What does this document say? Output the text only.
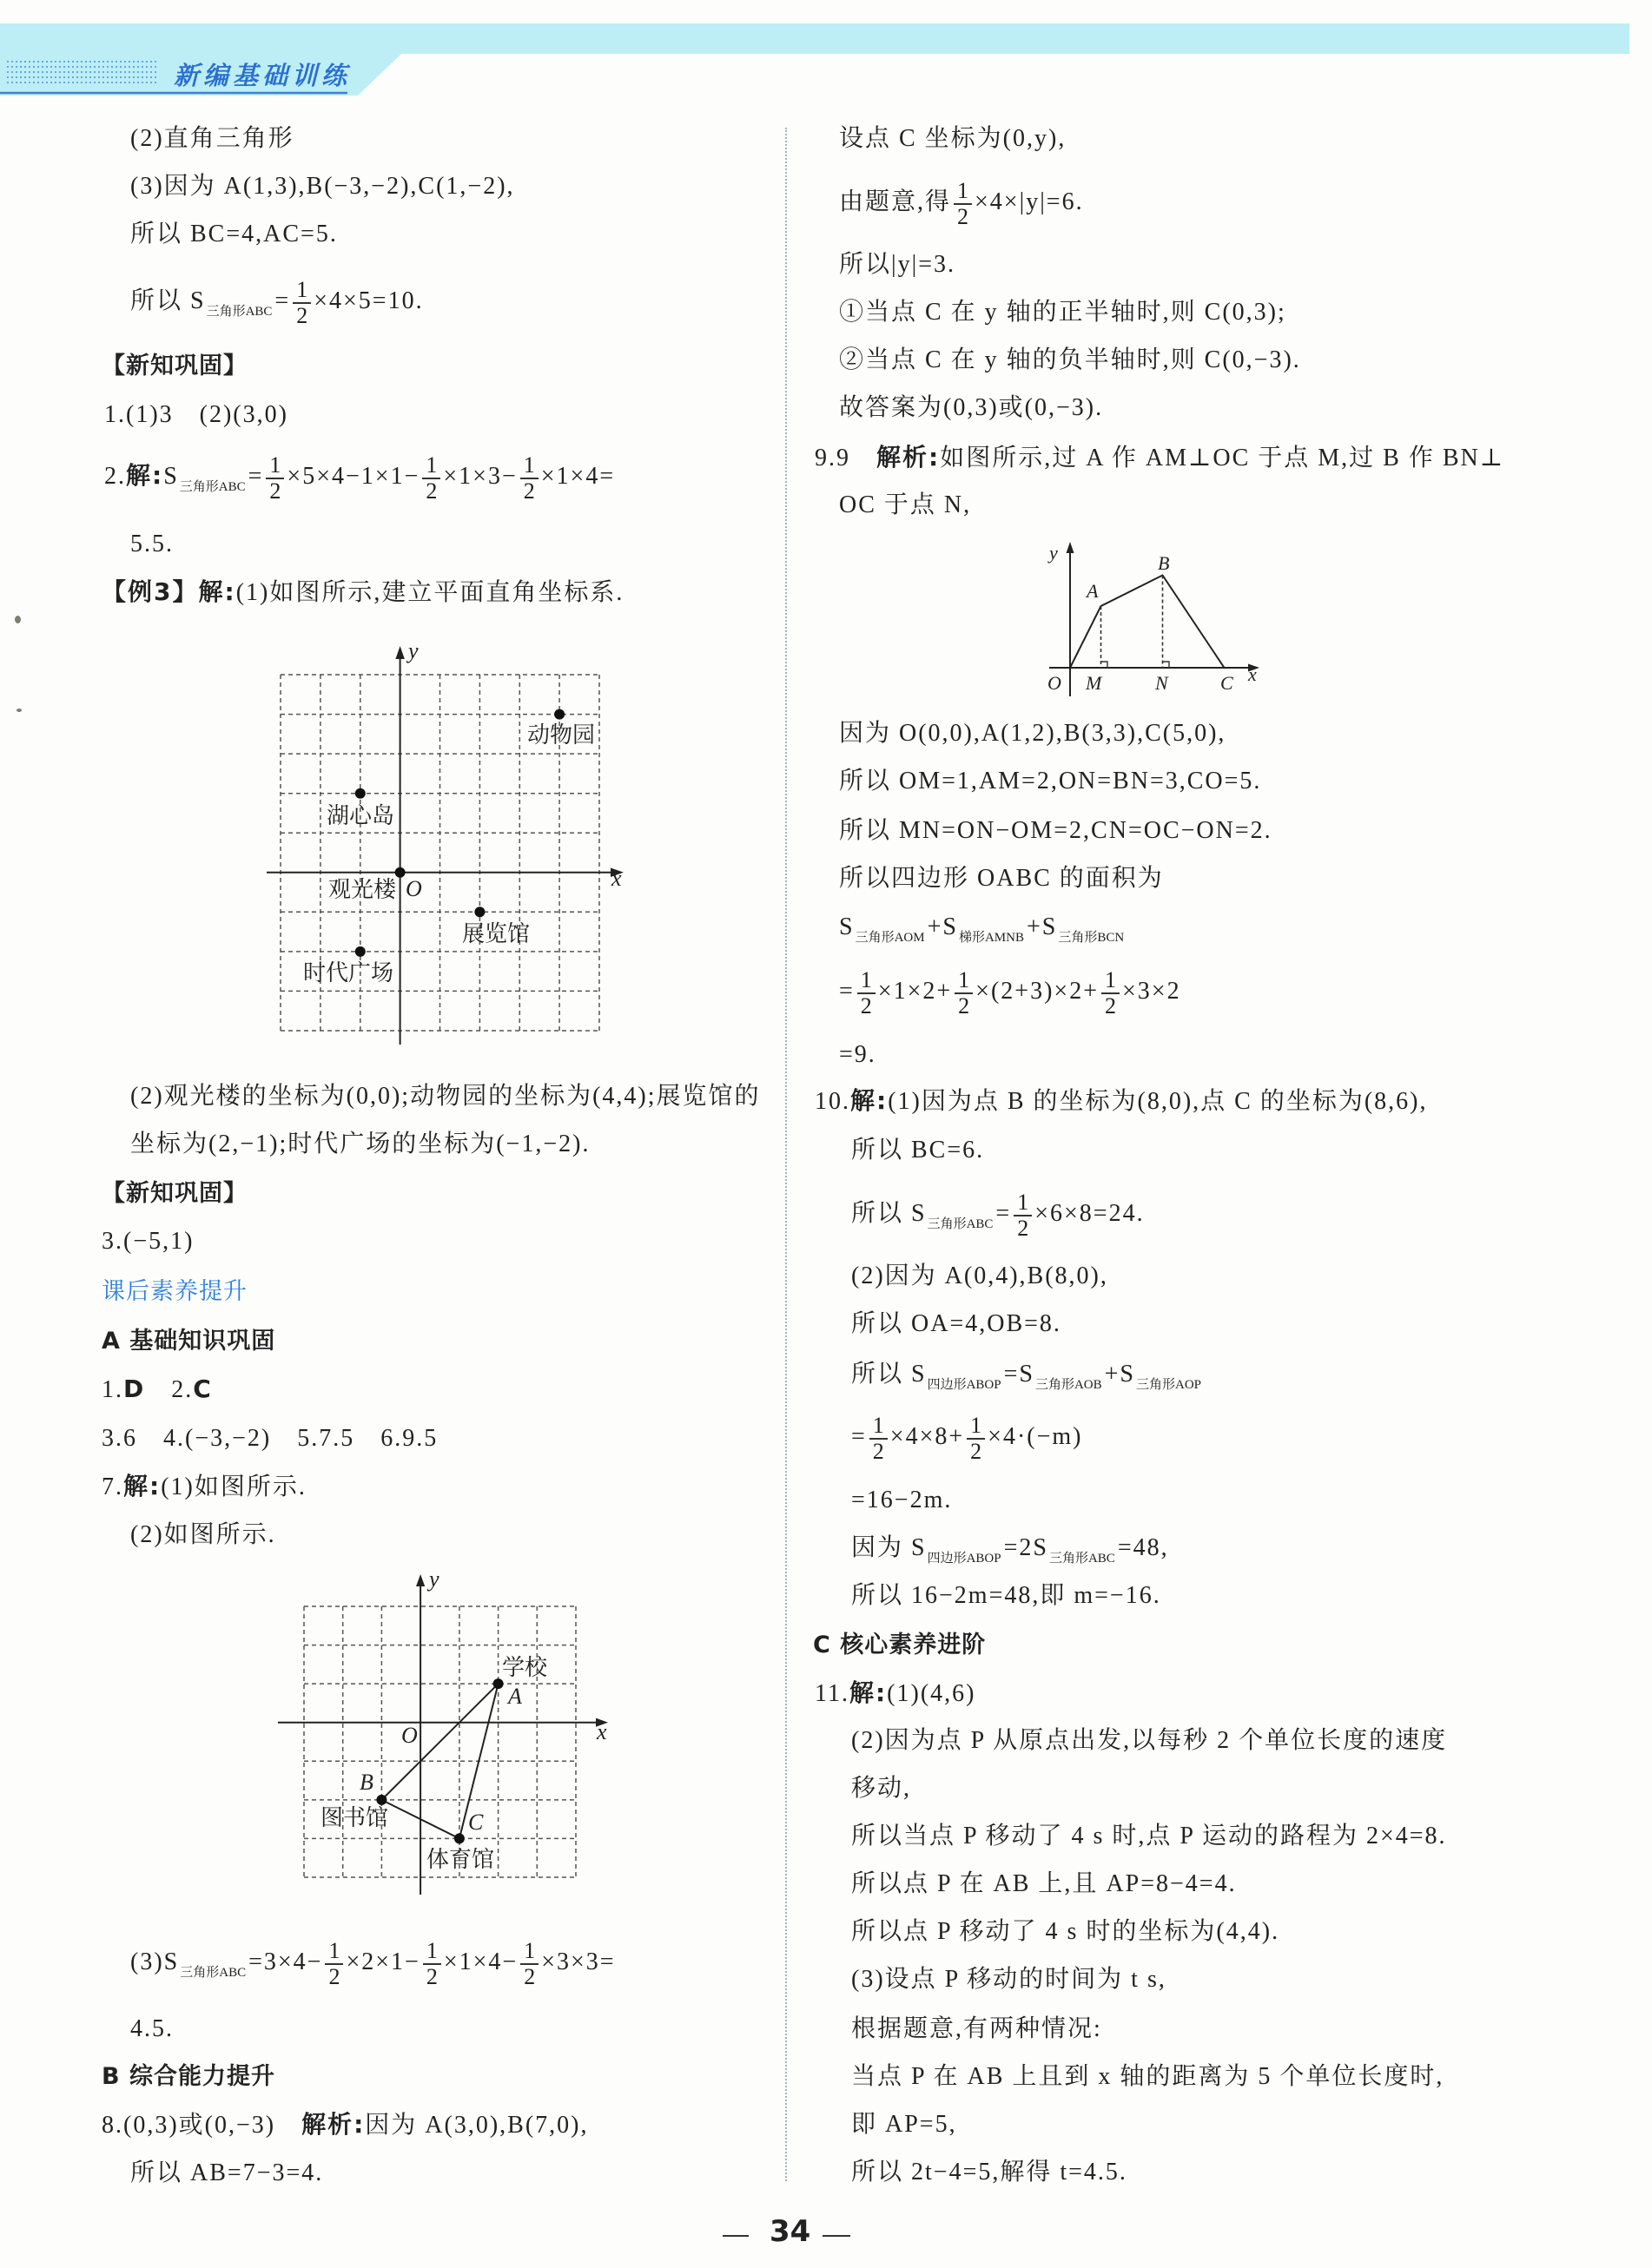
新编基础训练
(2)直角三角形
(3)因为 A(1,3),B(−3,−2),C(1,−2),
所以 BC=4,AC=5.
所以 $S_{三角形ABC} = \frac{1}{2} \times 4\times 5=10$.
【新知巩固】
1.(1)3　(2)(3,0)
2.解$:S_{三角形ABC} = \frac{1}{2} \times 5\times 4-1\times 1- \frac{1}{2} \times 1\times 3- \frac{1}{2} \times 1\times 4=$
5.5.
【例3】解:(1)如图所示,建立平面直角坐标系.
y
x
O
动物园
湖心岛
观光楼
展览馆
时代广场
(2)观光楼的坐标为(0,0);动物园的坐标为(4,4);展览馆的
坐标为(2,−1);时代广场的坐标为(−1,−2).
【新知巩固】
3.(−5,1)
课后素养提升
A 基础知识巩固
1.D　2.C
3.6　4.(−3,−2)　5.7.5　6.9.5
7.解:(1)如图所示.
(2)如图所示.
y
x
O
学校
A
图书馆
B
体育馆
C
$(3)S_{三角形ABC} =3\times 4- \frac{1}{2} \times 2\times 1- \frac{1}{2} \times 1\times 4- \frac{1}{2} \times 3\times 3=$
4.5.
B 综合能力提升
8.(0,3)或(0,−3)　解析:因为 A(3,0),B(7,0),
所以 AB=7−3=4.
设点 C 坐标为(0,y),
由题意,得 $\frac{1}{2} \times 4\times|y|=6$.
所以|y|=3.
①当点 C 在 y 轴的正半轴时,则 C(0,3);
②当点 C 在 y 轴的负半轴时,则 C(0,−3).
故答案为(0,3)或(0,−3).
9.9　解析:如图所示,过 A 作 AM⊥OC 于点 M,过 B 作 BN⊥
OC 于点 N,
y
x
O
A
B
C
M	N
因为 O(0,0),A(1,2),B(3,3),C(5,0),
所以 OM=1,AM=2,ON=BN=3,CO=5.
所以 MN=ON−OM=2,CN=OC−ON=2.
所以四边形 OABC 的面积为
$S_{三角形AOM} +S_{梯形AMNB} +S_{三角形BCN}$
= $\frac{1}{2} \times 1\times 2+ \frac{1}{2} \times(2+3)\times 2+ \frac{1}{2} \times 3\times 2$
=9.
10.解:(1)因为点 B 的坐标为(8,0),点 C 的坐标为(8,6),
所以 BC=6.
所以 $S_{三角形ABC} = \frac{1}{2} \times 6\times 8=24$.
(2)因为 A(0,4),B(8,0),
所以 OA=4,OB=8.
所以 $S_{四边形ABOP} =S_{三角形AOB} +S_{三角形AOP}$
= $\frac{1}{2} \times 4\times 8+ \frac{1}{2} \times 4\cdot(-m)$
=16−2m.
因为 $S_{四边形ABOP} =2S_{三角形ABC} =48$,
所以 16−2m=48,即 m=−16.
C 核心素养进阶
11.解:(1)(4,6)
(2)因为点 P 从原点出发,以每秒 2 个单位长度的速度
移动,
所以当点 P 移动了 4 s 时,点 P 运动的路程为 2×4=8.
所以点 P 在 AB 上,且 AP=8−4=4.
所以点 P 移动了 4 s 时的坐标为(4,4).
(3)设点 P 移动的时间为 t s,
根据题意,有两种情况:
当点 P 在 AB 上且到 x 轴的距离为 5 个单位长度时,
即 AP=5,
所以 2t−4=5,解得 t=4.5.
34
